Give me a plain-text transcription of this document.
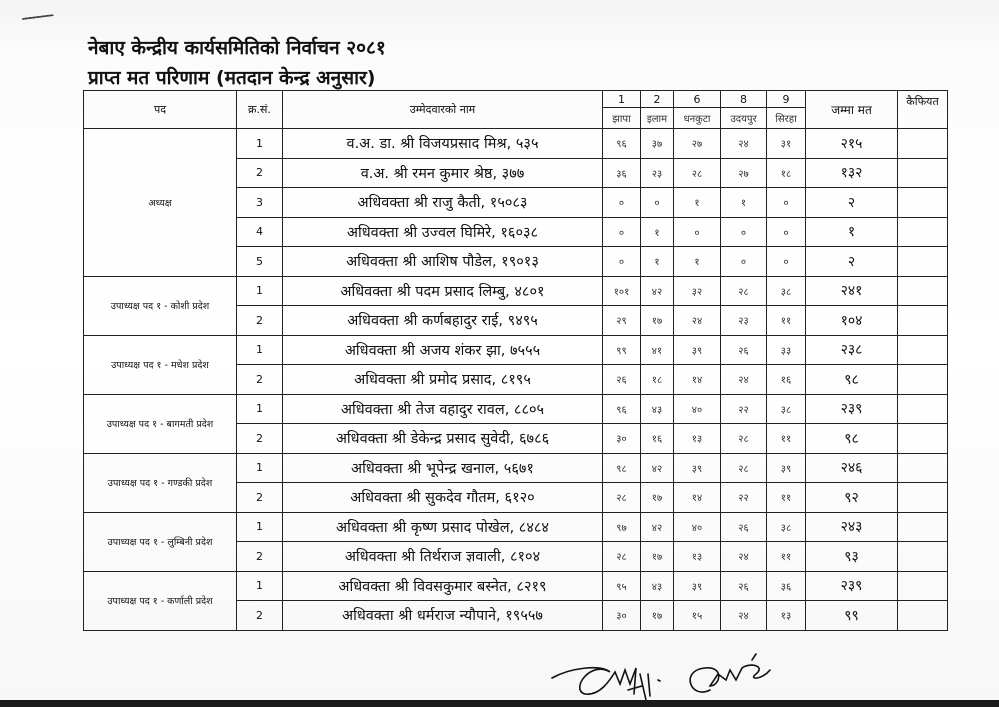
नेबाए केन्द्रीय कार्यसमितिको निर्वाचन २०८१
प्राप्त मत परिणाम (मतदान केन्द्र अनुसार)
पद	क्र.सं.	उम्मेदवारको नाम	1	2	6	8	9	जम्मा मत	कैफियत
			झापा	इलाम	धनकुटा	उदयपुर	सिरहा		
अध्यक्ष	1	व.अ. डा. श्री विजयप्रसाद मिश्र, ५३५	९६	३७	२७	२४	३१	२१५	
	2	व.अ. श्री रमन कुमार श्रेष्ठ, ३७७	३६	२३	२८	२७	१८	१३२	
	3	अधिवक्ता श्री राजु कैती, १५०८३	०	०	१	१	०	२	
	4	अधिवक्ता श्री उज्वल घिमिरे, १६०३८	०	१	०	०	०	१	
	5	अधिवक्ता श्री आशिष पौडेल, १९०१३	०	१	१	०	०	२	
उपाध्यक्ष पद १ - कोशी प्रदेश	1	अधिवक्ता श्री पदम प्रसाद लिम्बु, ४८०१	१०१	४२	३२	२८	३८	२४१	
	2	अधिवक्ता श्री कर्णबहादुर राई, ९४९५	२९	१७	२४	२३	११	१०४	
उपाध्यक्ष पद १ - मधेश प्रदेश	1	अधिवक्ता श्री अजय शंकर झा, ७५५५	९९	४१	३९	२६	३३	२३८	
	2	अधिवक्ता श्री प्रमोद प्रसाद, ८१९५	२६	१८	१४	२४	१६	९८	
उपाध्यक्ष पद १ - बागमती प्रदेश	1	अधिवक्ता श्री तेज वहादुर रावल, ८८०५	९६	४३	४०	२२	३८	२३९	
	2	अधिवक्ता श्री डेकेन्द्र प्रसाद सुवेदी, ६७८६	३०	१६	१३	२८	११	९८	
उपाध्यक्ष पद १ - गण्डकी प्रदेश	1	अधिवक्ता श्री भूपेन्द्र खनाल, ५६७१	९८	४२	३९	२८	३९	२४६	
	2	अधिवक्ता श्री सुकदेव गौतम, ६१२०	२८	१७	१४	२२	११	९२	
उपाध्यक्ष पद १ - लुम्बिनी प्रदेश	1	अधिवक्ता श्री कृष्ण प्रसाद पोखेल, ८४८४	९७	४२	४०	२६	३८	२४३	
	2	अधिवक्ता श्री तिर्थराज ज्ञवाली, ८१०४	२८	१७	१३	२४	११	९३	
उपाध्यक्ष पद १ - कर्णाली प्रदेश	1	अधिवक्ता श्री विवसकुमार बस्नेत, ८२१९	९५	४३	३९	२६	३६	२३९	
	2	अधिवक्ता श्री धर्मराज न्यौपाने, १९५५७	३०	१७	१५	२४	१३	९९	
